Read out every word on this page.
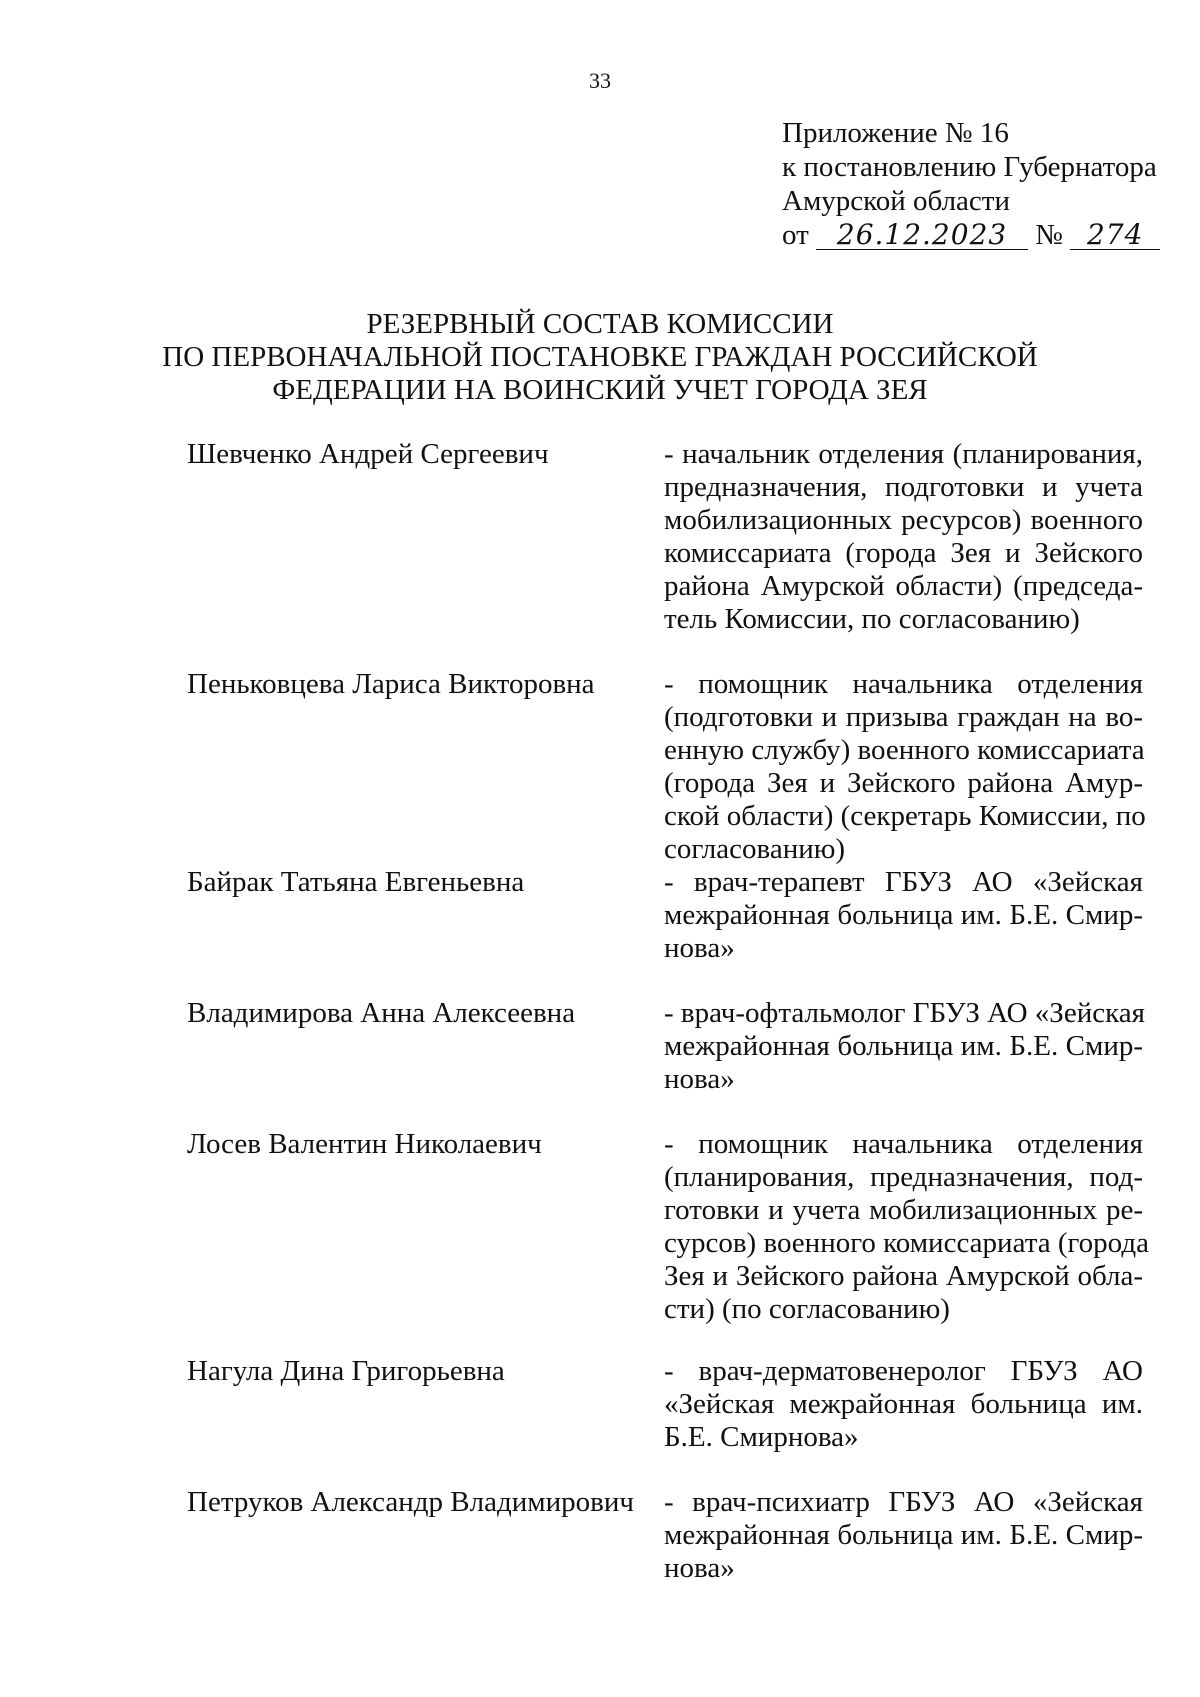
33
Приложение № 16
к постановлению Губернатора
Амурской области
от 26.12.2023 № 274
РЕЗЕРВНЫЙ СОСТАВ КОМИССИИ
ПО ПЕРВОНАЧАЛЬНОЙ ПОСТАНОВКЕ ГРАЖДАН РОССИЙСКОЙ
ФЕДЕРАЦИИ НА ВОИНСКИЙ УЧЕТ ГОРОДА ЗЕЯ
Шевченко Андрей Сергеевич	- начальник отделения (планирования,
предназначения, подготовки и учета
мобилизационных ресурсов) военного
комиссариата (города Зея и Зейского
района Амурской области) (председа-
тель Комиссии, по согласованию)
Пеньковцева Лариса Викторовна - помощник начальника отделения
(подготовки и призыва граждан на во-
енную службу) военного комиссариата
(города Зея и Зейского района Амур-
ской области) (секретарь Комиссии, по
согласованию)
Байрак Татьяна Евгеньевна	- врач-терапевт ГБУЗ АО «Зейская
межрайонная больница им. Б.Е. Смир-
нова»
Владимирова Анна Алексеевна	- врач-офтальмолог ГБУЗ АО «Зейская
межрайонная больница им. Б.Е. Смир-
нова»
Лосев Валентин Николаевич	- помощник начальника отделения
(планирования, предназначения, под-
готовки и учета мобилизационных ре-
сурсов) военного комиссариата (города
Зея и Зейского района Амурской обла-
сти) (по согласованию)
Нагула Дина Григорьевна	- врач-дерматовенеролог ГБУЗ АО
«Зейская межрайонная больница им.
Б.Е. Смирнова»
Петруков Александр Владимирович - врач-психиатр ГБУЗ АО «Зейская
межрайонная больница им. Б.Е. Смир-
нова»
